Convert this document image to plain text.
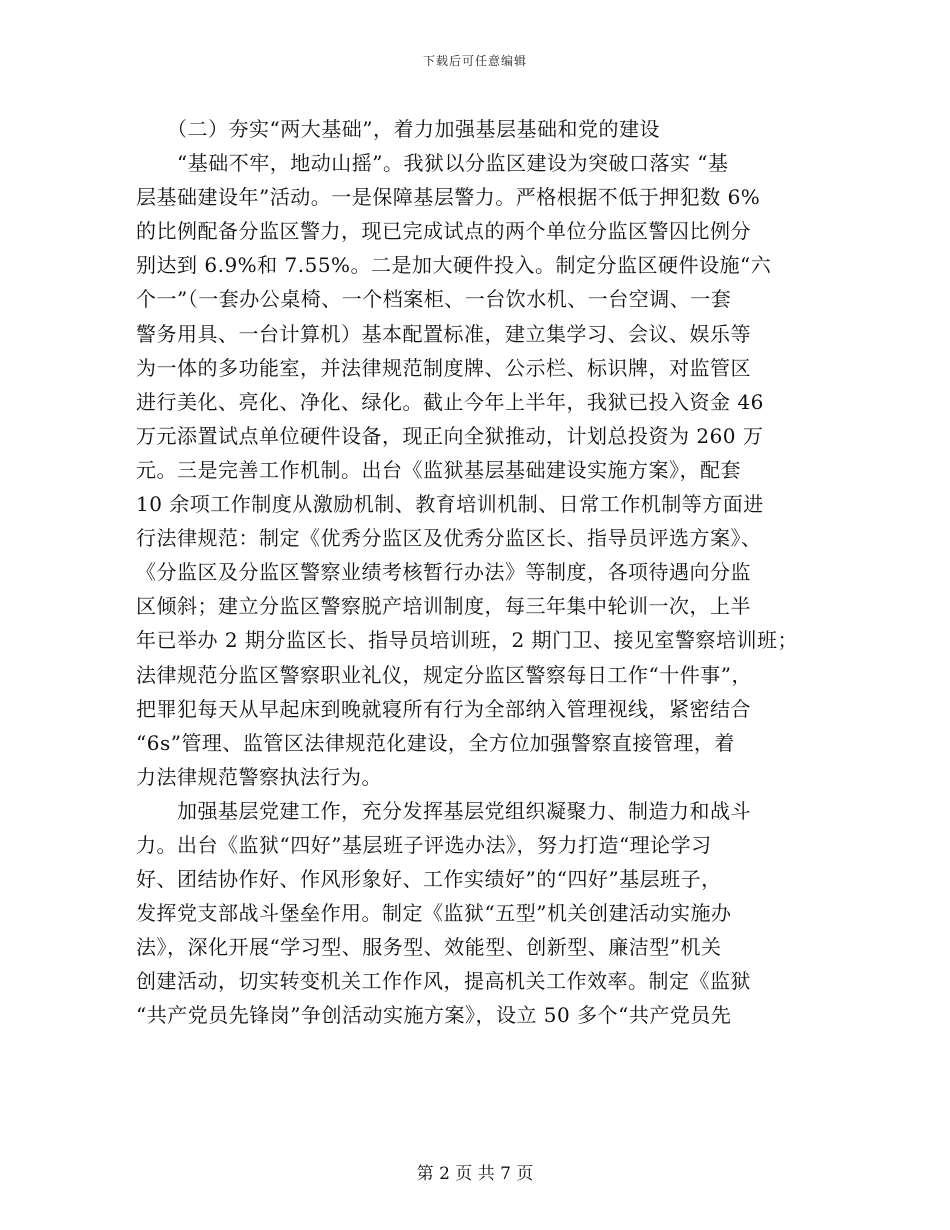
下载后可任意编辑
　　（二）夯实“两大基础”，着力加强基层基础和党的建设
　　“基础不牢，地动山摇”。我狱以分监区建设为突破口落实 “基
层基础建设年”活动。一是保障基层警力。严格根据不低于押犯数 6%
的比例配备分监区警力，现已完成试点的两个单位分监区警囚比例分
别达到 6.9%和 7.55%。二是加大硬件投入。制定分监区硬件设施“六
个一”（一套办公桌椅、一个档案柜、一台饮水机、一台空调、一套
警务用具、一台计算机）基本配置标准，建立集学习、会议、娱乐等
为一体的多功能室，并法律规范制度牌、公示栏、标识牌，对监管区
进行美化、亮化、净化、绿化。截止今年上半年，我狱已投入资金 46
万元添置试点单位硬件设备，现正向全狱推动，计划总投资为 260 万
元。三是完善工作机制。出台《监狱基层基础建设实施方案》，配套
10 余项工作制度从激励机制、教育培训机制、日常工作机制等方面进
行法律规范：制定《优秀分监区及优秀分监区长、指导员评选方案》、
《分监区及分监区警察业绩考核暂行办法》等制度，各项待遇向分监
区倾斜；建立分监区警察脱产培训制度，每三年集中轮训一次，上半
年已举办 2 期分监区长、指导员培训班，2 期门卫、接见室警察培训班；
法律规范分监区警察职业礼仪，规定分监区警察每日工作“十件事”，
把罪犯每天从早起床到晚就寝所有行为全部纳入管理视线，紧密结合
“6s”管理、监管区法律规范化建设，全方位加强警察直接管理，着
力法律规范警察执法行为。
　　加强基层党建工作，充分发挥基层党组织凝聚力、制造力和战斗
力。出台《监狱“四好”基层班子评选办法》，努力打造“理论学习
好、团结协作好、作风形象好、工作实绩好”的“四好”基层班子，
发挥党支部战斗堡垒作用。制定《监狱“五型”机关创建活动实施办
法》，深化开展“学习型、服务型、效能型、创新型、廉洁型”机关
创建活动，切实转变机关工作作风，提高机关工作效率。制定《监狱
“共产党员先锋岗”争创活动实施方案》，设立 50 多个“共产党员先
第 2 页 共 7 页
